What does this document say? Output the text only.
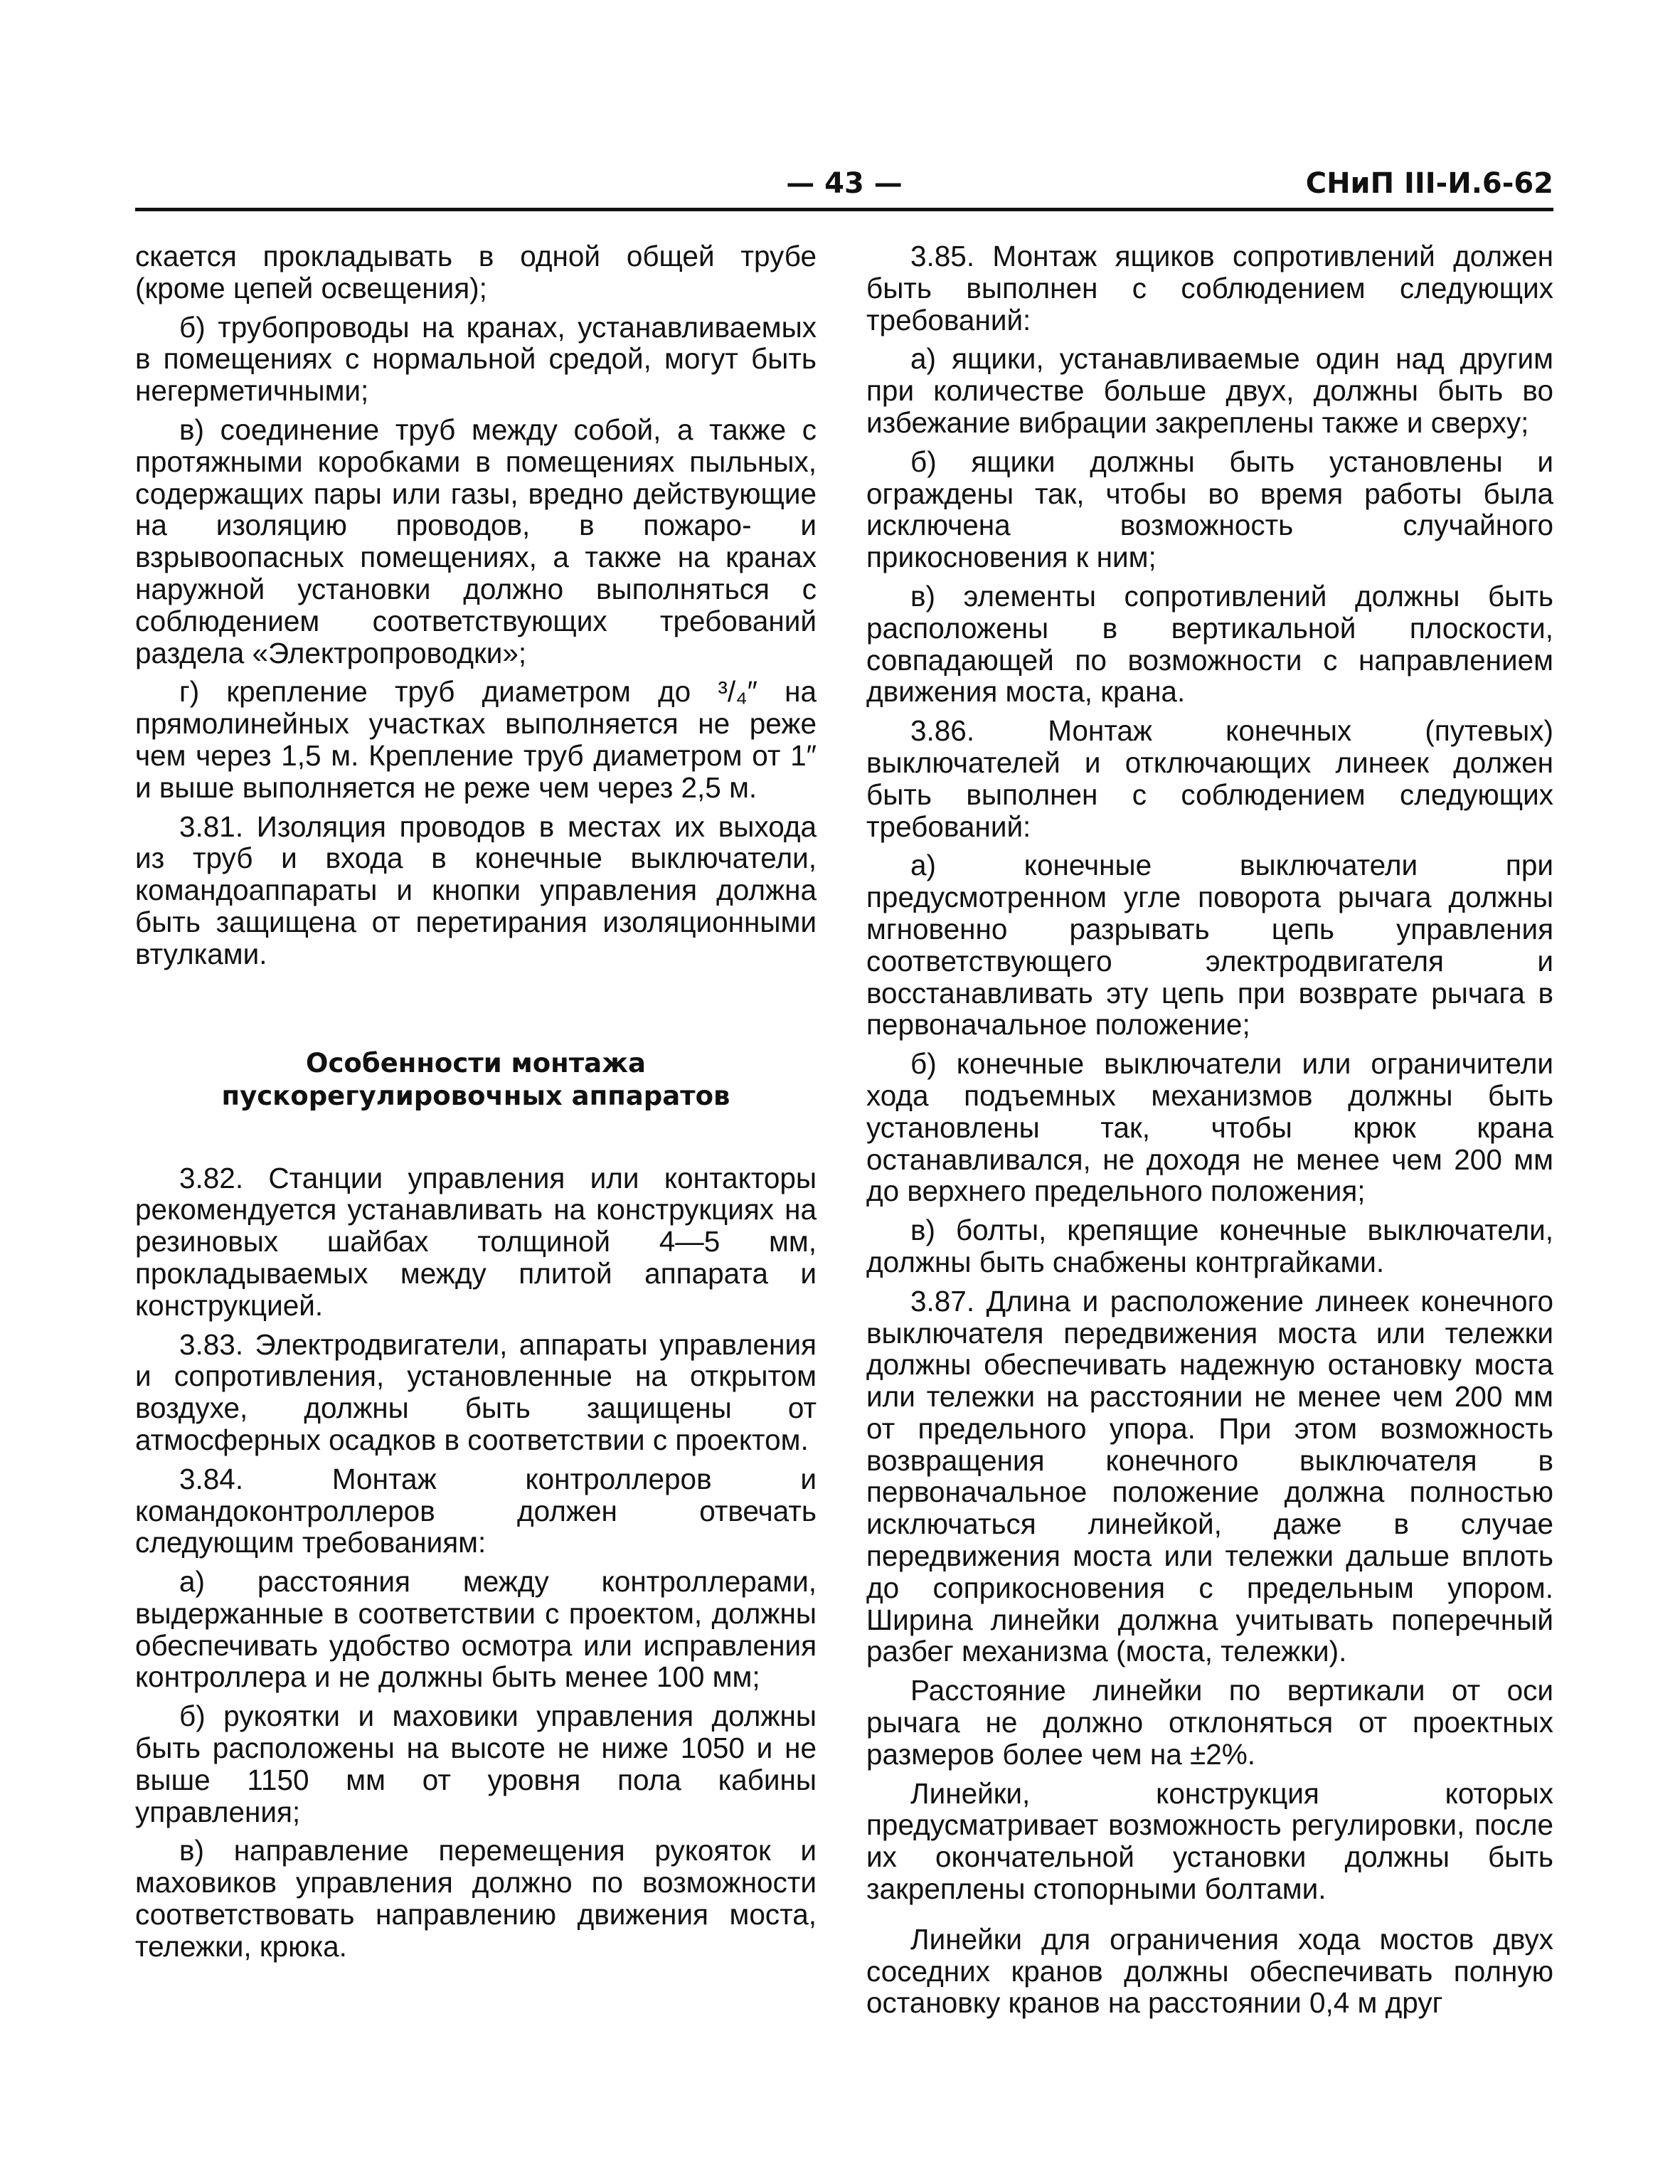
— 43 —	СНиП III-И.6-62

скается прокладывать в одной общей трубе (кроме цепей освещения);

б) трубопроводы на кранах, устанавливаемых в помещениях с нормальной средой, могут быть негерметичными;

в) соединение труб между собой, а также с протяжными коробками в помещениях пыльных, содержащих пары или газы, вредно действующие на изоляцию проводов, в пожаро- и взрывоопасных помещениях, а также на кранах наружной установки должно выполняться с соблюдением соответствующих требований раздела «Электропроводки»;

г) крепление труб диаметром до ³/₄″ на прямолинейных участках выполняется не реже чем через 1,5 м. Крепление труб диаметром от 1″ и выше выполняется не реже чем через 2,5 м.

3.81. Изоляция проводов в местах их выхода из труб и входа в конечные выключатели, командоаппараты и кнопки управления должна быть защищена от перетирания изоляционными втулками.

Особенности монтажа пускорегулировочных аппаратов

3.82. Станции управления или контакторы рекомендуется устанавливать на конструкциях на резиновых шайбах толщиной 4—5 мм, прокладываемых между плитой аппарата и конструкцией.

3.83. Электродвигатели, аппараты управления и сопротивления, установленные на открытом воздухе, должны быть защищены от атмосферных осадков в соответствии с проектом.

3.84. Монтаж контроллеров и командоконтроллеров должен отвечать следующим требованиям:

а) расстояния между контроллерами, выдержанные в соответствии с проектом, должны обеспечивать удобство осмотра или исправления контроллера и не должны быть менее 100 мм;

б) рукоятки и маховики управления должны быть расположены на высоте не ниже 1050 и не выше 1150 мм от уровня пола кабины управления;

в) направление перемещения рукояток и маховиков управления должно по возможности соответствовать направлению движения моста, тележки, крюка.

3.85. Монтаж ящиков сопротивлений должен быть выполнен с соблюдением следующих требований:

а) ящики, устанавливаемые один над другим при количестве больше двух, должны быть во избежание вибрации закреплены также и сверху;

б) ящики должны быть установлены и ограждены так, чтобы во время работы была исключена возможность случайного прикосновения к ним;

в) элементы сопротивлений должны быть расположены в вертикальной плоскости, совпадающей по возможности с направлением движения моста, крана.

3.86. Монтаж конечных (путевых) выключателей и отключающих линеек должен быть выполнен с соблюдением следующих требований:

а) конечные выключатели при предусмотренном угле поворота рычага должны мгновенно разрывать цепь управления соответствующего электродвигателя и восстанавливать эту цепь при возврате рычага в первоначальное положение;

б) конечные выключатели или ограничители хода подъемных механизмов должны быть установлены так, чтобы крюк крана останавливался, не доходя не менее чем 200 мм до верхнего предельного положения;

в) болты, крепящие конечные выключатели, должны быть снабжены контргайками.

3.87. Длина и расположение линеек конечного выключателя передвижения моста или тележки должны обеспечивать надежную остановку моста или тележки на расстоянии не менее чем 200 мм от предельного упора. При этом возможность возвращения конечного выключателя в первоначальное положение должна полностью исключаться линейкой, даже в случае передвижения моста или тележки дальше вплоть до соприкосновения с предельным упором. Ширина линейки должна учитывать поперечный разбег механизма (моста, тележки).

Расстояние линейки по вертикали от оси рычага не должно отклоняться от проектных размеров более чем на ±2%.

Линейки, конструкция которых предусматривает возможность регулировки, после их окончательной установки должны быть закреплены стопорными болтами.

Линейки для ограничения хода мостов двух соседних кранов должны обеспечивать полную остановку кранов на расстоянии 0,4 м друг
